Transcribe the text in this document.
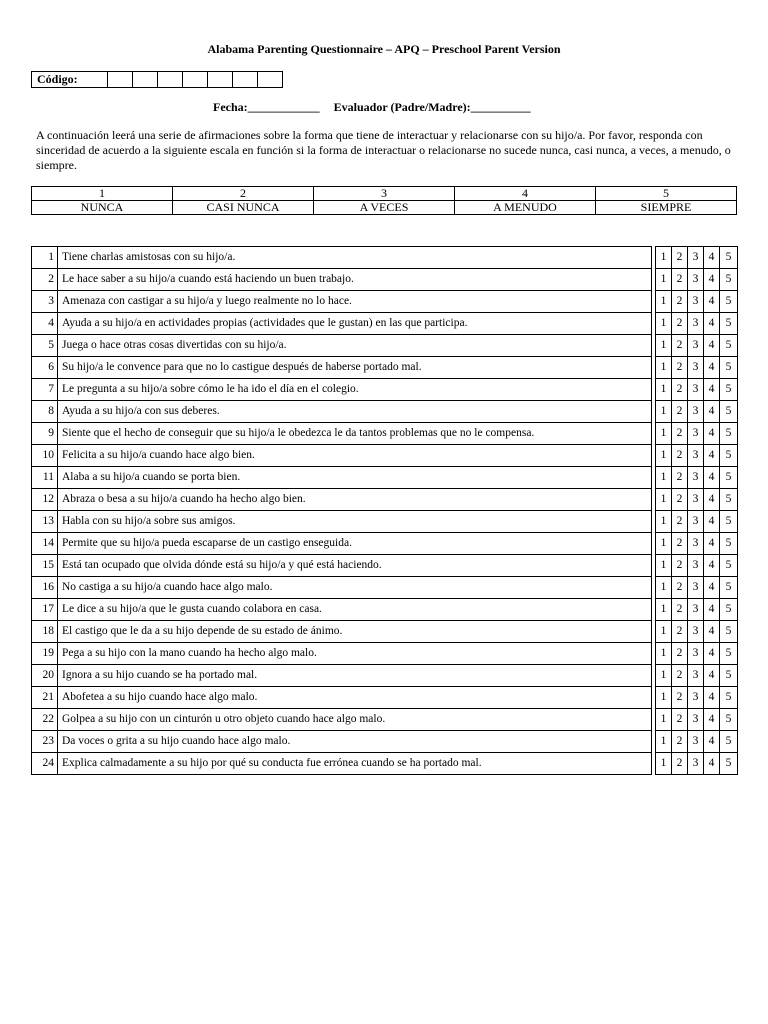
Alabama Parenting Questionnaire – APQ – Preschool Parent Version
Código:							
Fecha:____________ Evaluador (Padre/Madre):__________
A continuación leerá una serie de afirmaciones sobre la forma que tiene de interactuar y relacionarse con su hijo/a. Por favor, responda con sinceridad de acuerdo a la siguiente escala en función si la forma de interactuar o relacionarse no sucede nunca, casi nunca, a veces, a menudo, o siempre.
1	2	3	4	5
NUNCA	CASI NUNCA	A VECES	A MENUDO	SIEMPRE
1	Tiene charlas amistosas con su hijo/a.		1	2	3	4	5
2	Le hace saber a su hijo/a cuando está haciendo un buen trabajo.		1	2	3	4	5
3	Amenaza con castigar a su hijo/a y luego realmente no lo hace.		1	2	3	4	5
4	Ayuda a su hijo/a en actividades propias (actividades que le gustan) en las que participa.		1	2	3	4	5
5	Juega o hace otras cosas divertidas con su hijo/a.		1	2	3	4	5
6	Su hijo/a le convence para que no lo castigue después de haberse portado mal.		1	2	3	4	5
7	Le pregunta a su hijo/a sobre cómo le ha ido el día en el colegio.		1	2	3	4	5
8	Ayuda a su hijo/a con sus deberes.		1	2	3	4	5
9	Siente que el hecho de conseguir que su hijo/a le obedezca le da tantos problemas que no le compensa.		1	2	3	4	5
10	Felicita a su hijo/a cuando hace algo bien.		1	2	3	4	5
11	Alaba a su hijo/a cuando se porta bien.		1	2	3	4	5
12	Abraza o besa a su hijo/a cuando ha hecho algo bien.		1	2	3	4	5
13	Habla con su hijo/a sobre sus amigos.		1	2	3	4	5
14	Permite que su hijo/a pueda escaparse de un castigo enseguida.		1	2	3	4	5
15	Está tan ocupado que olvida dónde está su hijo/a y qué está haciendo.		1	2	3	4	5
16	No castiga a su hijo/a cuando hace algo malo.		1	2	3	4	5
17	Le dice a su hijo/a que le gusta cuando colabora en casa.		1	2	3	4	5
18	El castigo que le da a su hijo depende de su estado de ánimo.		1	2	3	4	5
19	Pega a su hijo con la mano cuando ha hecho algo malo.		1	2	3	4	5
20	Ignora a su hijo cuando se ha portado mal.		1	2	3	4	5
21	Abofetea a su hijo cuando hace algo malo.		1	2	3	4	5
22	Golpea a su hijo con un cinturón u otro objeto cuando hace algo malo.		1	2	3	4	5
23	Da voces o grita a su hijo cuando hace algo malo.		1	2	3	4	5
24	Explica calmadamente a su hijo por qué su conducta fue errónea cuando se ha portado mal.		1	2	3	4	5
